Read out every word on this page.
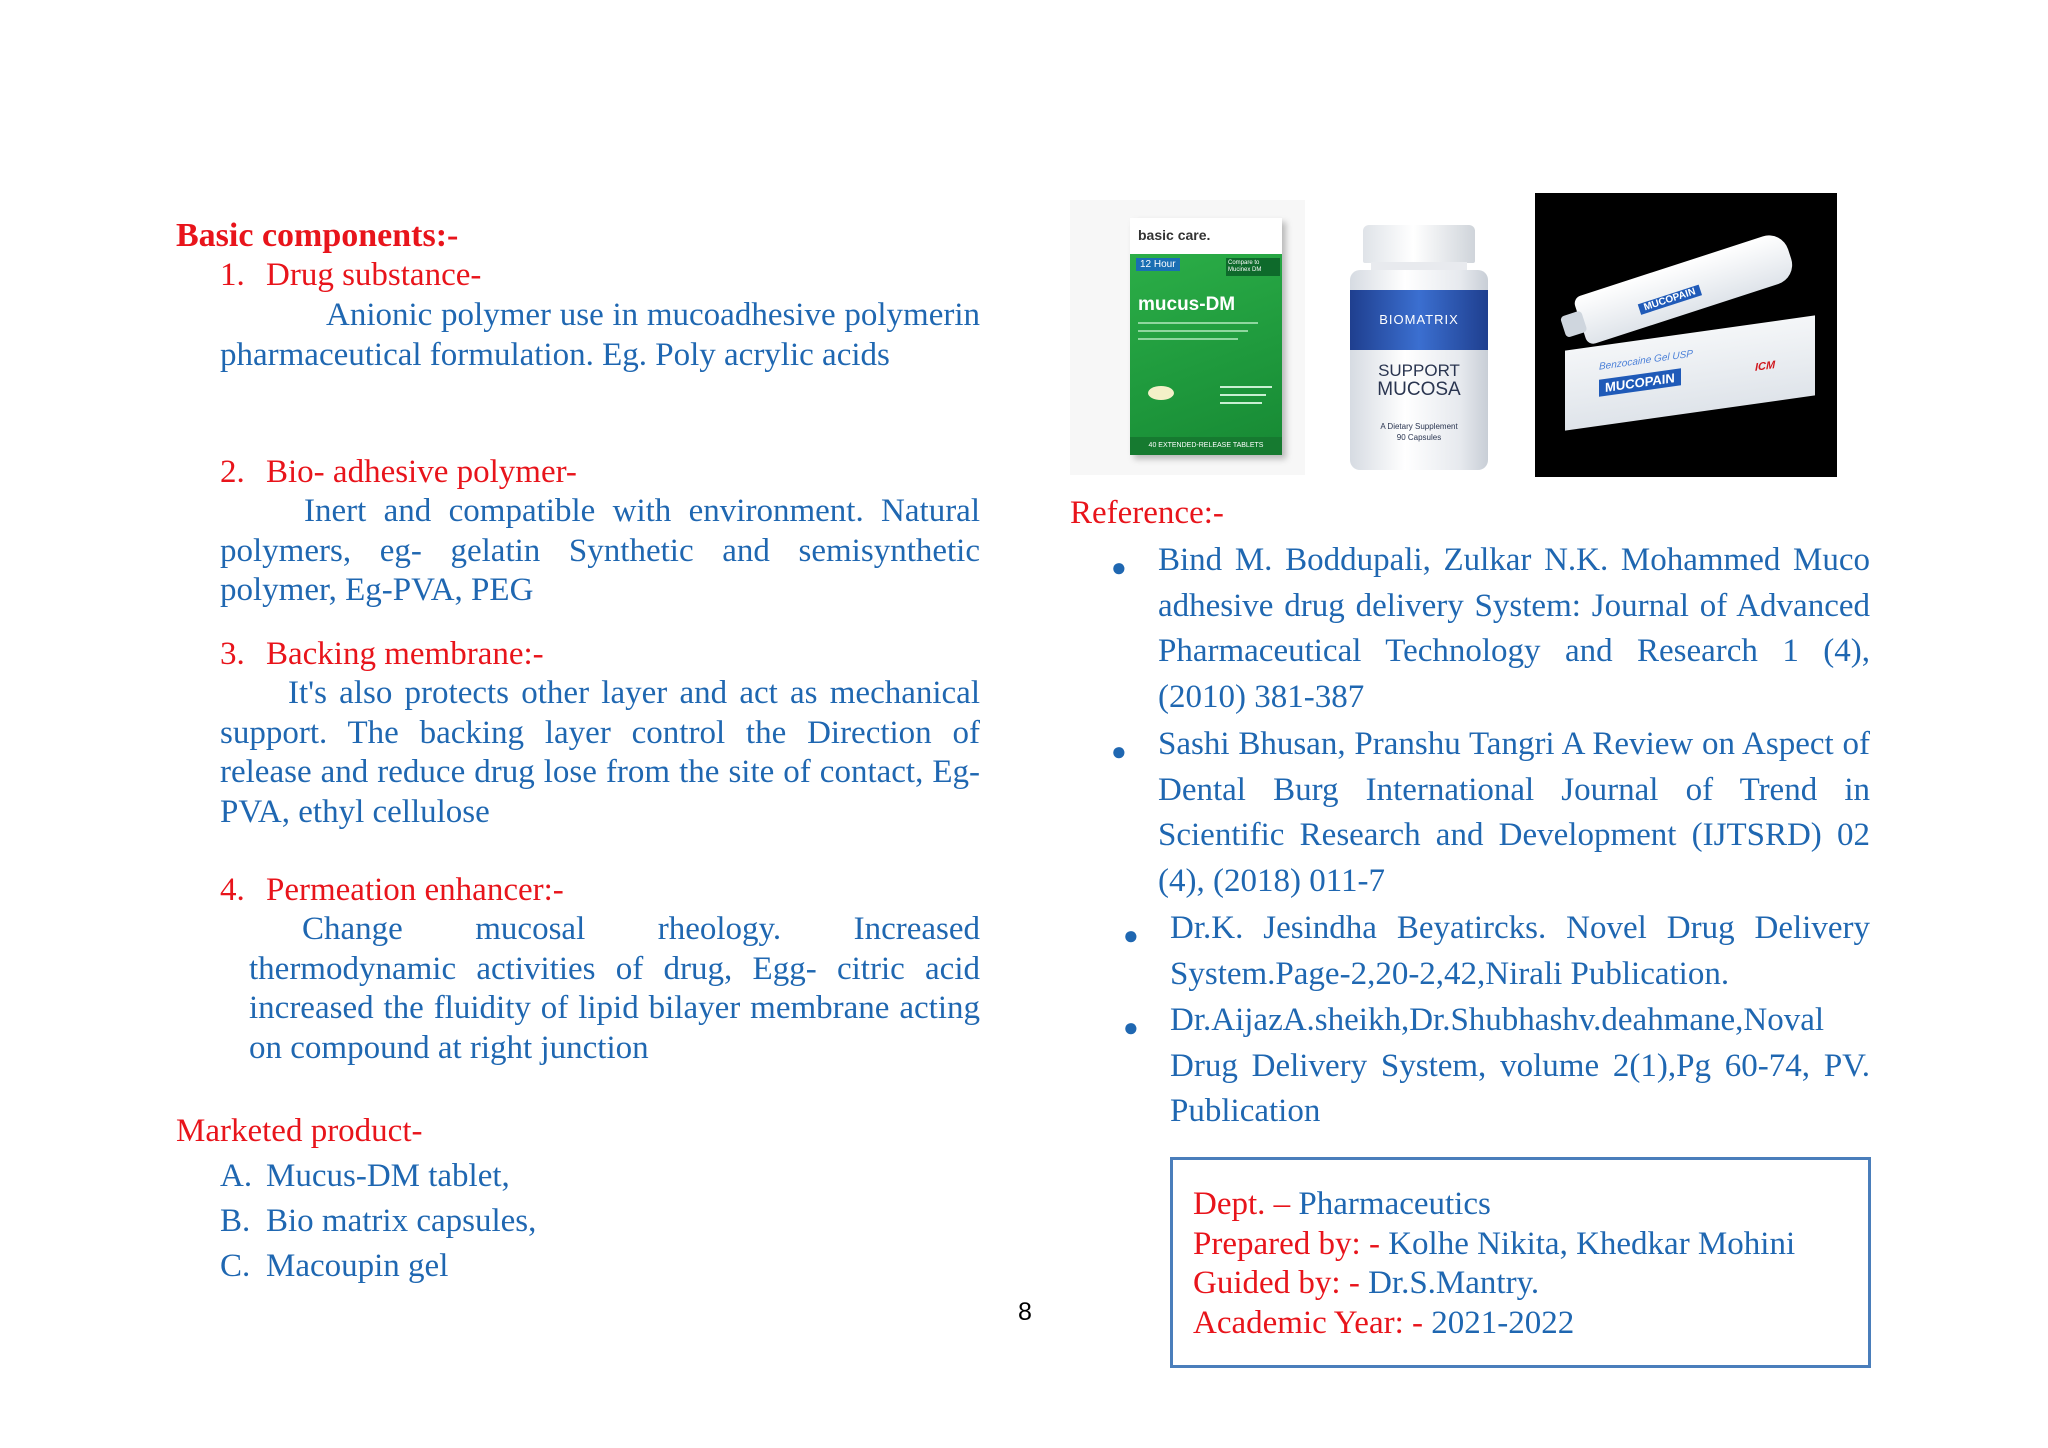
Basic components:-
1. Drug substance-
Anionic polymer use in mucoadhesive polymerin pharmaceutical formulation. Eg. Poly acrylic acids
2. Bio- adhesive polymer-
Inert and compatible with environment. Natural polymers, eg- gelatin Synthetic and semisynthetic polymer, Eg-PVA, PEG
3. Backing membrane:-
It's also protects other layer and act as mechanical support. The backing layer control the Direction of release and reduce drug lose from the site of contact, Eg- PVA, ethyl cellulose
4. Permeation enhancer:-
Change mucosal rheology. Increased thermodynamic activities of drug, Egg- citric acid increased the fluidity of lipid bilayer membrane acting on compound at right junction
Marketed product-
A. Mucus-DM tablet,
B. Bio matrix capsules,
C. Macoupin gel
basic care.
12 Hour	Compare to Mucinex DM
mucus-DM
40 EXTENDED-RELEASE TABLETS
BIOMATRIX
SUPPORT
MUCOSA
A Dietary Supplement
90 Capsules
MUCOPAIN
Benzocaine Gel USP	ICM
MUCOPAIN
Reference:-
● Bind M. Boddupali, Zulkar N.K. Mohammed Muco adhesive drug delivery System: Journal of Advanced Pharmaceutical Technology and Research 1 (4), (2010) 381-387
● Sashi Bhusan, Pranshu Tangri A Review on Aspect of Dental Burg International Journal of Trend in Scientific Research and Development (IJTSRD) 02 (4), (2018) 011-7
● Dr.K. Jesindha Beyatircks. Novel Drug Delivery System.Page-2,20-2,42,Nirali Publication.
● Dr.AijazA.sheikh,Dr.Shubhashv.deahmane,Noval Drug Delivery System, volume 2(1),Pg 60-74, PV. Publication
Dept. – Pharmaceutics
Prepared by: - Kolhe Nikita, Khedkar Mohini
Guided by: - Dr.S.Mantry.
Academic Year: - 2021-2022
8
